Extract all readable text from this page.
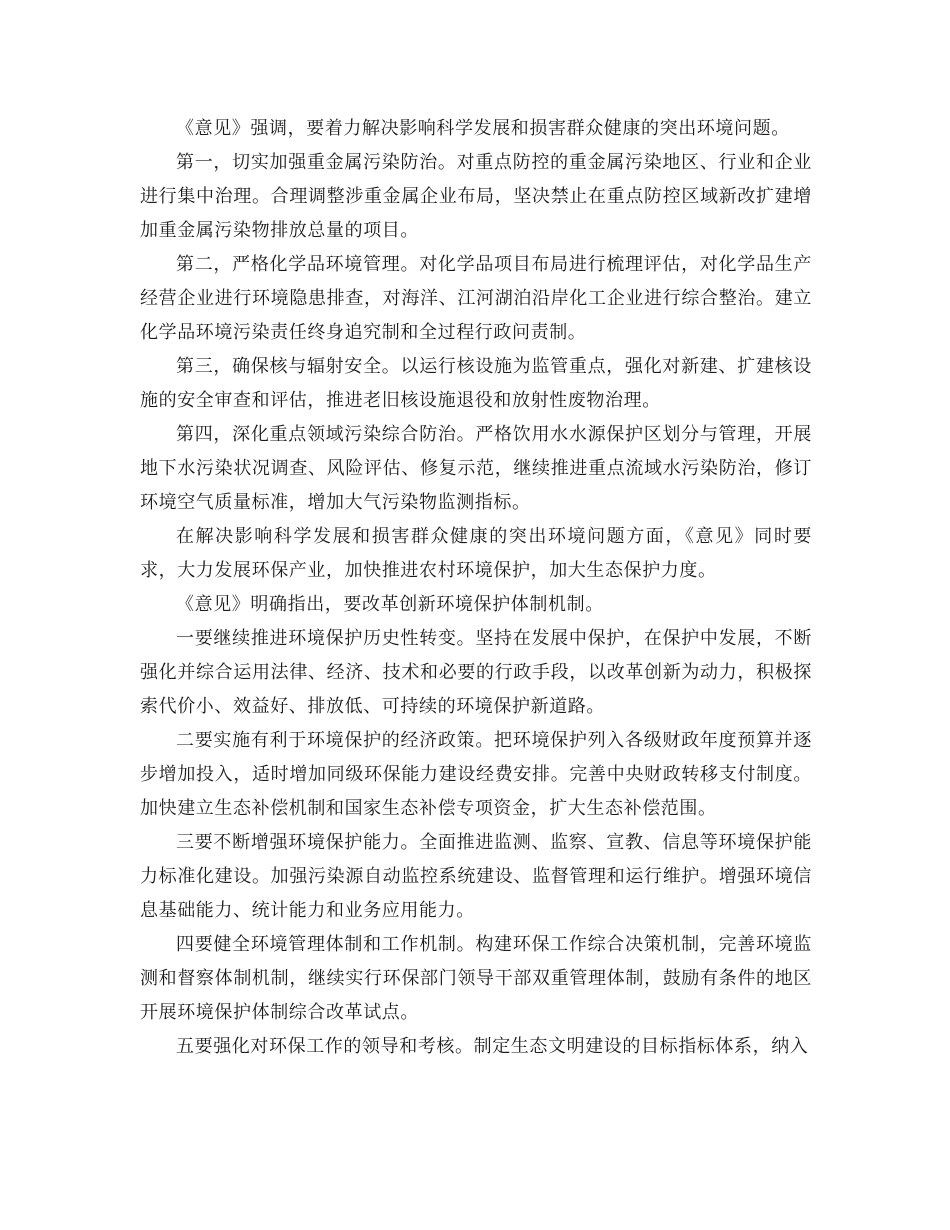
《意见》强调，要着力解决影响科学发展和损害群众健康的突出环境问题。

第一，切实加强重金属污染防治。对重点防控的重金属污染地区、行业和企业进行集中治理。合理调整涉重金属企业布局，坚决禁止在重点防控区域新改扩建增加重金属污染物排放总量的项目。

第二，严格化学品环境管理。对化学品项目布局进行梳理评估，对化学品生产经营企业进行环境隐患排查，对海洋、江河湖泊沿岸化工企业进行综合整治。建立化学品环境污染责任终身追究制和全过程行政问责制。

第三，确保核与辐射安全。以运行核设施为监管重点，强化对新建、扩建核设施的安全审查和评估，推进老旧核设施退役和放射性废物治理。

第四，深化重点领域污染综合防治。严格饮用水水源保护区划分与管理，开展地下水污染状况调查、风险评估、修复示范，继续推进重点流域水污染防治，修订环境空气质量标准，增加大气污染物监测指标。

在解决影响科学发展和损害群众健康的突出环境问题方面，《意见》同时要求，大力发展环保产业，加快推进农村环境保护，加大生态保护力度。

《意见》明确指出，要改革创新环境保护体制机制。

一要继续推进环境保护历史性转变。坚持在发展中保护，在保护中发展，不断强化并综合运用法律、经济、技术和必要的行政手段，以改革创新为动力，积极探索代价小、效益好、排放低、可持续的环境保护新道路。

二要实施有利于环境保护的经济政策。把环境保护列入各级财政年度预算并逐步增加投入，适时增加同级环保能力建设经费安排。完善中央财政转移支付制度。加快建立生态补偿机制和国家生态补偿专项资金，扩大生态补偿范围。

三要不断增强环境保护能力。全面推进监测、监察、宣教、信息等环境保护能力标准化建设。加强污染源自动监控系统建设、监督管理和运行维护。增强环境信息基础能力、统计能力和业务应用能力。

四要健全环境管理体制和工作机制。构建环保工作综合决策机制，完善环境监测和督察体制机制，继续实行环保部门领导干部双重管理体制，鼓励有条件的地区开展环境保护体制综合改革试点。

五要强化对环保工作的领导和考核。制定生态文明建设的目标指标体系，纳入
